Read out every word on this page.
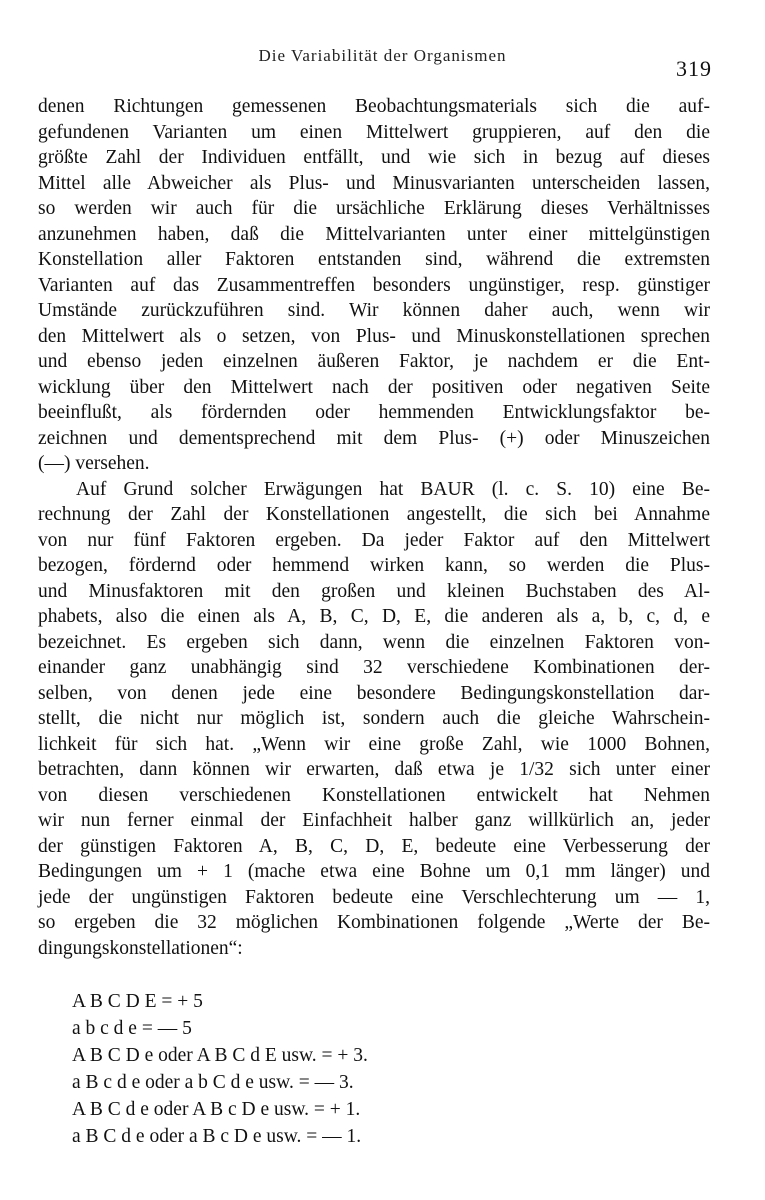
Die Variabilität der Organismen
319
denen Richtungen gemessenen Beobachtungsmaterials sich die auf-
gefundenen Varianten um einen Mittelwert gruppieren, auf den die
größte Zahl der Individuen entfällt, und wie sich in bezug auf dieses
Mittel alle Abweicher als Plus- und Minusvarianten unterscheiden lassen,
so werden wir auch für die ursächliche Erklärung dieses Verhältnisses
anzunehmen haben, daß die Mittelvarianten unter einer mittelgünstigen
Konstellation aller Faktoren entstanden sind, während die extremsten
Varianten auf das Zusammentreffen besonders ungünstiger, resp. günstiger
Umstände zurückzuführen sind. Wir können daher auch, wenn wir
den Mittelwert als o setzen, von Plus- und Minuskonstellationen sprechen
und ebenso jeden einzelnen äußeren Faktor, je nachdem er die Ent-
wicklung über den Mittelwert nach der positiven oder negativen Seite
beeinflußt, als fördernden oder hemmenden Entwicklungsfaktor be-
zeichnen und dementsprechend mit dem Plus- (+) oder Minuszeichen
(—) versehen.
Auf Grund solcher Erwägungen hat BAUR (l. c. S. 10) eine Be-
rechnung der Zahl der Konstellationen angestellt, die sich bei Annahme
von nur fünf Faktoren ergeben. Da jeder Faktor auf den Mittelwert
bezogen, fördernd oder hemmend wirken kann, so werden die Plus-
und Minusfaktoren mit den großen und kleinen Buchstaben des Al-
phabets, also die einen als A, B, C, D, E, die anderen als a, b, c, d, e
bezeichnet. Es ergeben sich dann, wenn die einzelnen Faktoren von-
einander ganz unabhängig sind 32 verschiedene Kombinationen der-
selben, von denen jede eine besondere Bedingungskonstellation dar-
stellt, die nicht nur möglich ist, sondern auch die gleiche Wahrschein-
lichkeit für sich hat. „Wenn wir eine große Zahl, wie 1000 Bohnen,
betrachten, dann können wir erwarten, daß etwa je 1/32 sich unter einer
von diesen verschiedenen Konstellationen entwickelt hat Nehmen
wir nun ferner einmal der Einfachheit halber ganz willkürlich an, jeder
der günstigen Faktoren A, B, C, D, E, bedeute eine Verbesserung der
Bedingungen um + 1 (mache etwa eine Bohne um 0,1 mm länger) und
jede der ungünstigen Faktoren bedeute eine Verschlechterung um — 1,
so ergeben die 32 möglichen Kombinationen folgende „Werte der Be-
dingungskonstellationen“:
A B C D E = + 5
a b c d e = — 5
A B C D e oder A B C d E usw. = + 3.
a B c d e oder a b C d e usw. = — 3.
A B C d e oder A B c D e usw. = + 1.
a B C d e oder a B c D e usw. = — 1.
